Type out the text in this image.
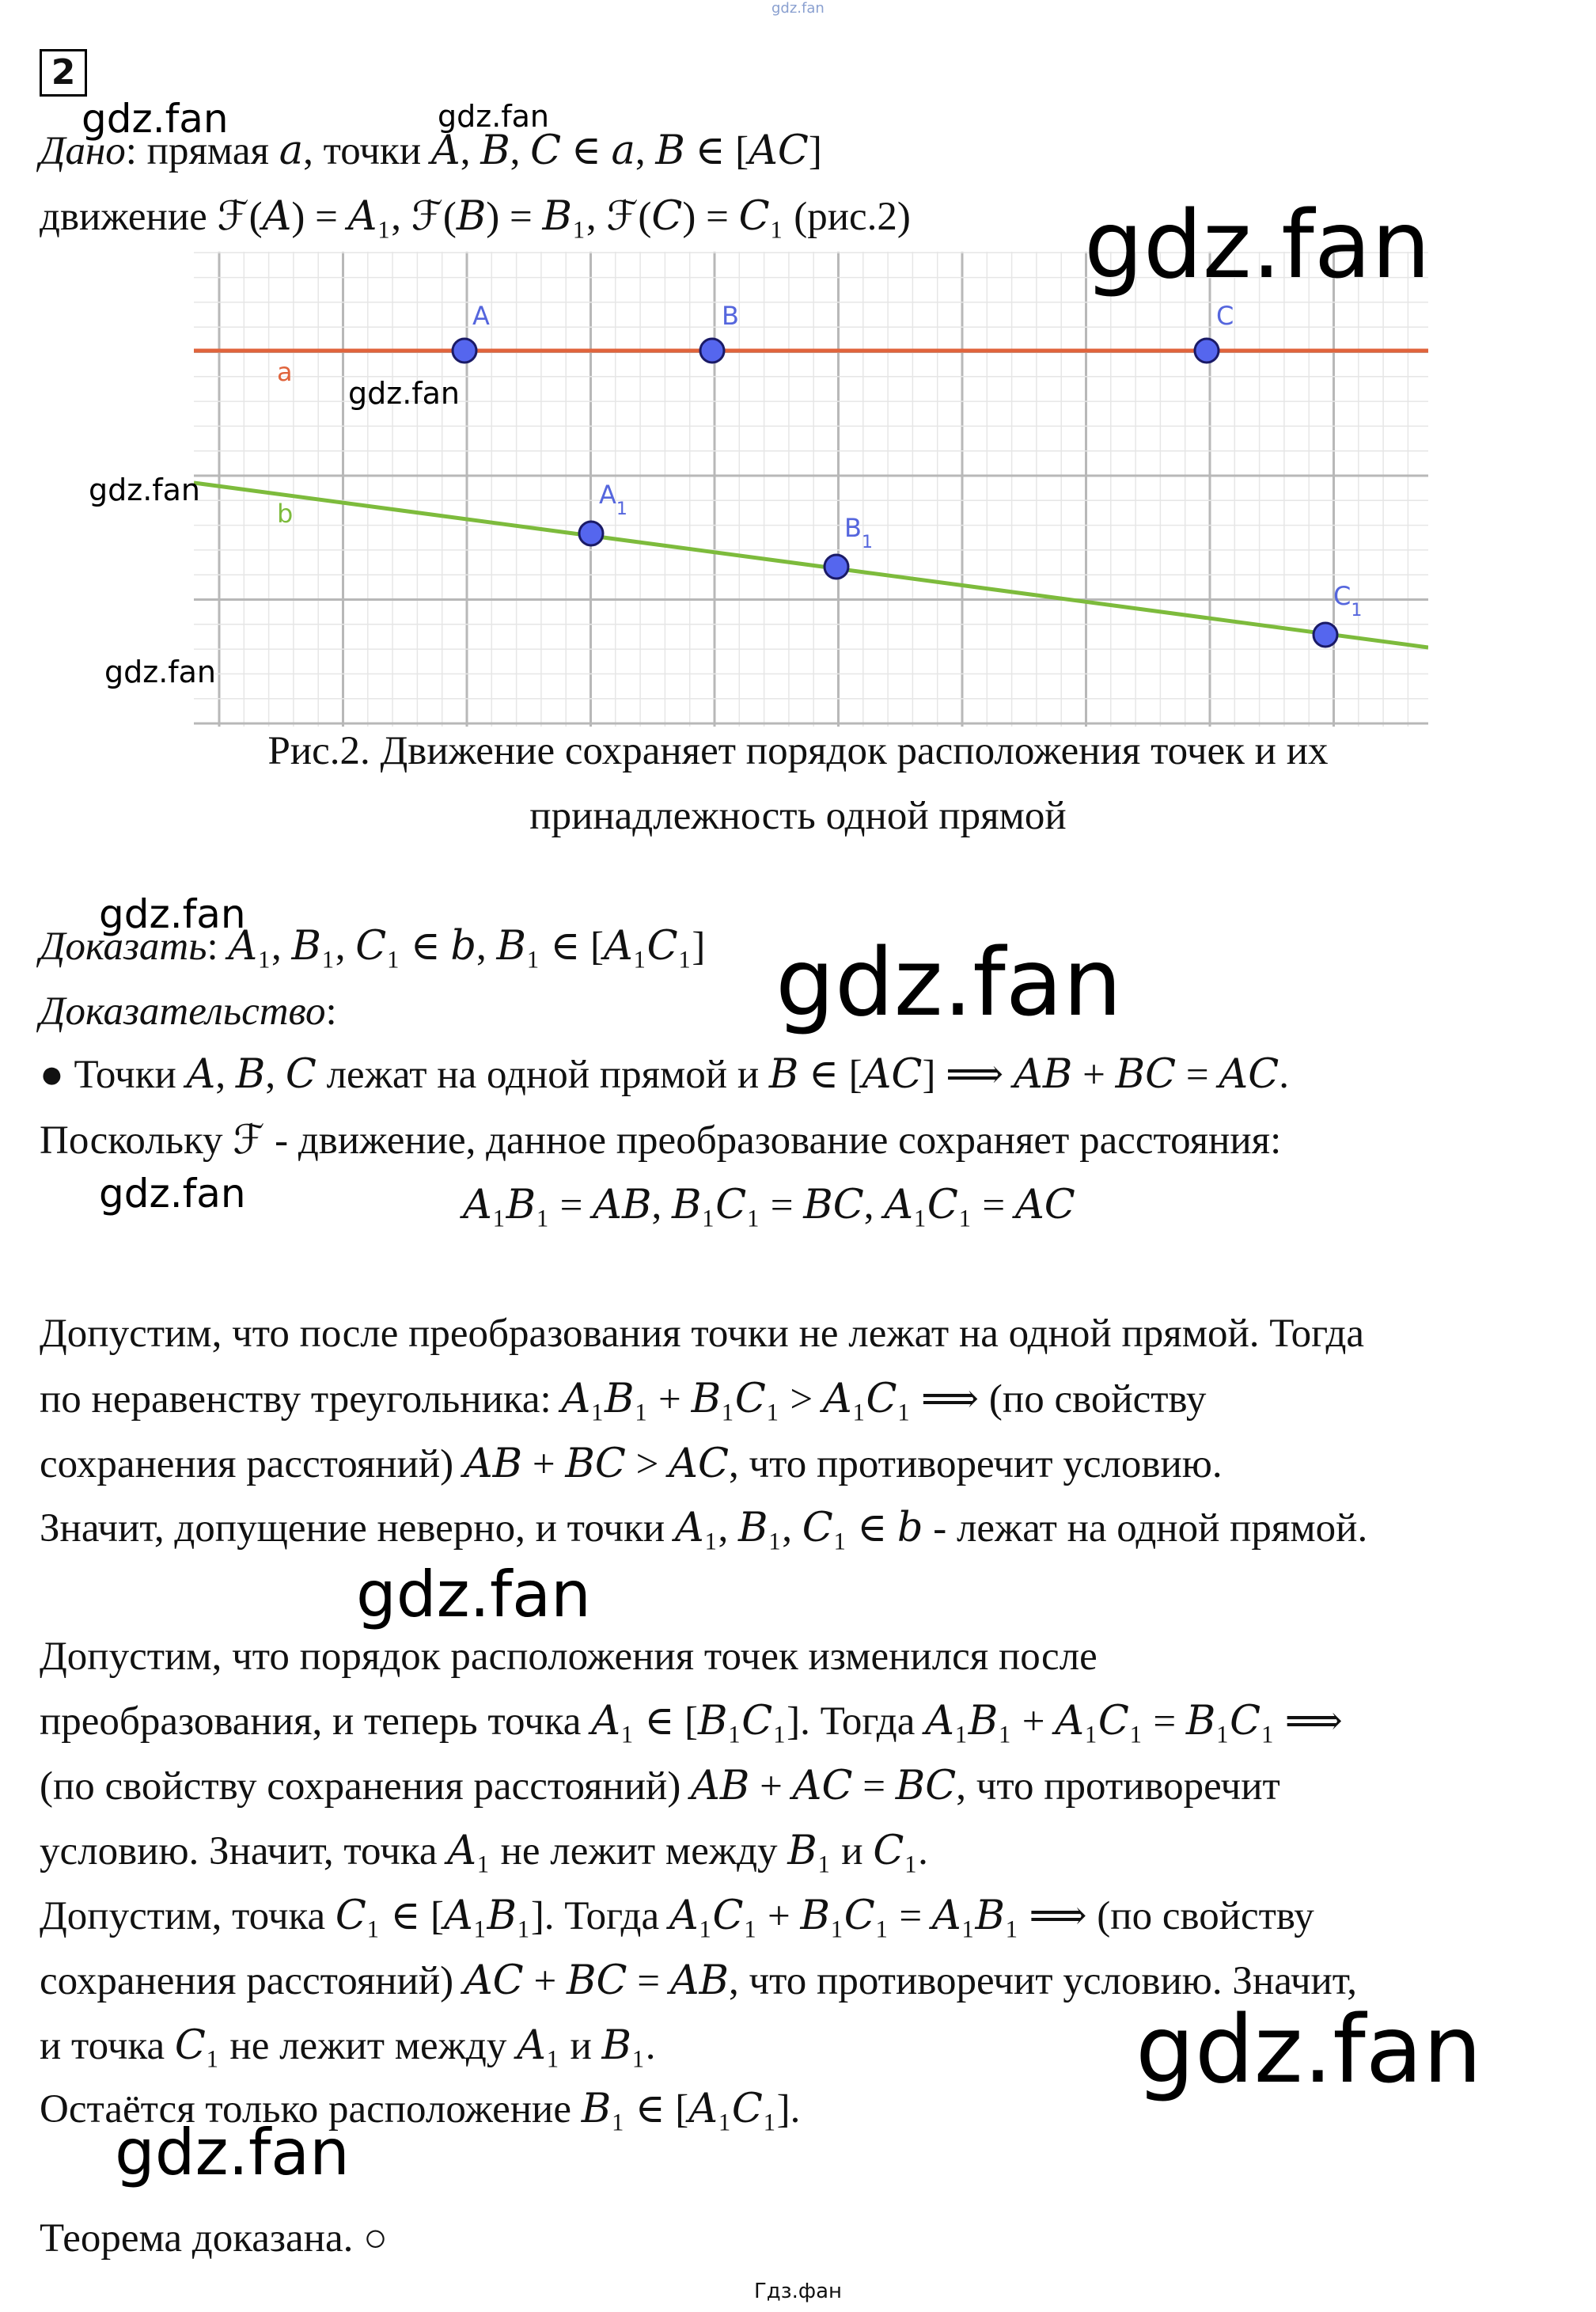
gdz.fan
2
Дано: прямая 𝑎, точки 𝐴, 𝐵, 𝐶 ∈ 𝑎, 𝐵 ∈ [𝐴𝐶]
движение ℱ(𝐴) = 𝐴₁, ℱ(𝐵) = 𝐵₁, ℱ(𝐶) = 𝐶₁ (рис.2)
a
b
A	B	C
$A_1$
$B_1$
$C_1$
Рис.2. Движение сохраняет порядок расположения точек и их
принадлежность одной прямой
Доказать: 𝐴₁, 𝐵₁, 𝐶₁ ∈ 𝑏, 𝐵₁ ∈ [𝐴₁𝐶₁]
Доказательство:
● Точки 𝐴, 𝐵, 𝐶 лежат на одной прямой и 𝐵 ∈ [𝐴𝐶] ⟹ 𝐴𝐵 + 𝐵𝐶 = 𝐴𝐶.
Поскольку ℱ - движение, данное преобразование сохраняет расстояния:
𝐴₁𝐵₁ = 𝐴𝐵, 𝐵₁𝐶₁ = 𝐵𝐶, 𝐴₁𝐶₁ = 𝐴𝐶
Допустим, что после преобразования точки не лежат на одной прямой. Тогда
по неравенству треугольника: 𝐴₁𝐵₁ + 𝐵₁𝐶₁ > 𝐴₁𝐶₁ ⟹ (по свойству
сохранения расстояний) 𝐴𝐵 + 𝐵𝐶 > 𝐴𝐶, что противоречит условию.
Значит, допущение неверно, и точки 𝐴₁, 𝐵₁, 𝐶₁ ∈ 𝑏 - лежат на одной прямой.
Допустим, что порядок расположения точек изменился после
преобразования, и теперь точка 𝐴₁ ∈ [𝐵₁𝐶₁]. Тогда 𝐴₁𝐵₁ + 𝐴₁𝐶₁ = 𝐵₁𝐶₁ ⟹
(по свойству сохранения расстояний) 𝐴𝐵 + 𝐴𝐶 = 𝐵𝐶, что противоречит
условию. Значит, точка 𝐴₁ не лежит между 𝐵₁ и 𝐶₁.
Допустим, точка 𝐶₁ ∈ [𝐴₁𝐵₁]. Тогда 𝐴₁𝐶₁ + 𝐵₁𝐶₁ = 𝐴₁𝐵₁ ⟹ (по свойству
сохранения расстояний) 𝐴𝐶 + 𝐵𝐶 = 𝐴𝐵, что противоречит условию. Значит,
и точка 𝐶₁ не лежит между 𝐴₁ и 𝐵₁.
Остаётся только расположение 𝐵₁ ∈ [𝐴₁𝐶₁].
Теорема доказана. ○
gdz.fan	gdz.fan
gdz.fan
gdz.fan
gdz.fan
gdz.fan
gdz.fan
gdz.fan
gdz.fan
gdz.fan
gdz.fan
gdz.fan
Гдз.фан
